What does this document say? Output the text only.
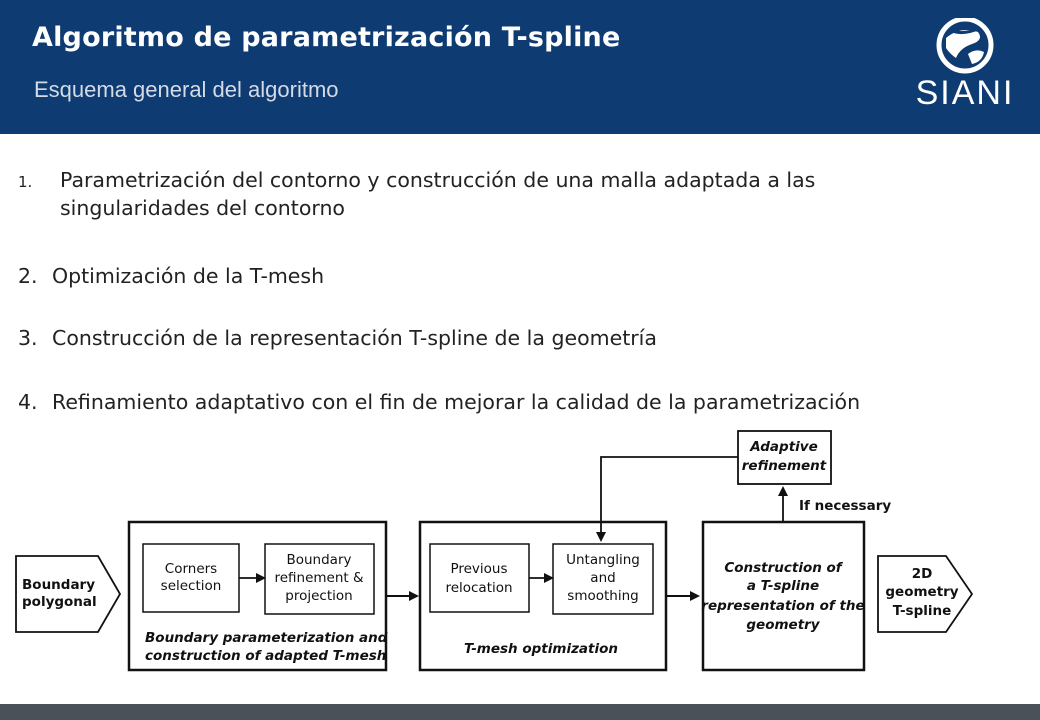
Algoritmo de parametrización T-spline
Esquema general del algoritmo	SIANI
1. Parametrización del contorno y construcción de una malla adaptada a las
singularidades del contorno
2. Optimización de la T-mesh
3. Construcción de la representación T-spline de la geometría
4. Refinamiento adaptativo con el fin de mejorar la calidad de la parametrización
Boundary
polygonal
Corners
selection
Boundary
refinement &
projection
Boundary parameterization and
construction of adapted T-mesh
Previous
relocation
Untangling
and
smoothing
T-mesh optimization
Construction of
a T-spline
representation of the
geometry
If necessary
Adaptive
refinement
2D
geometry
T-spline
